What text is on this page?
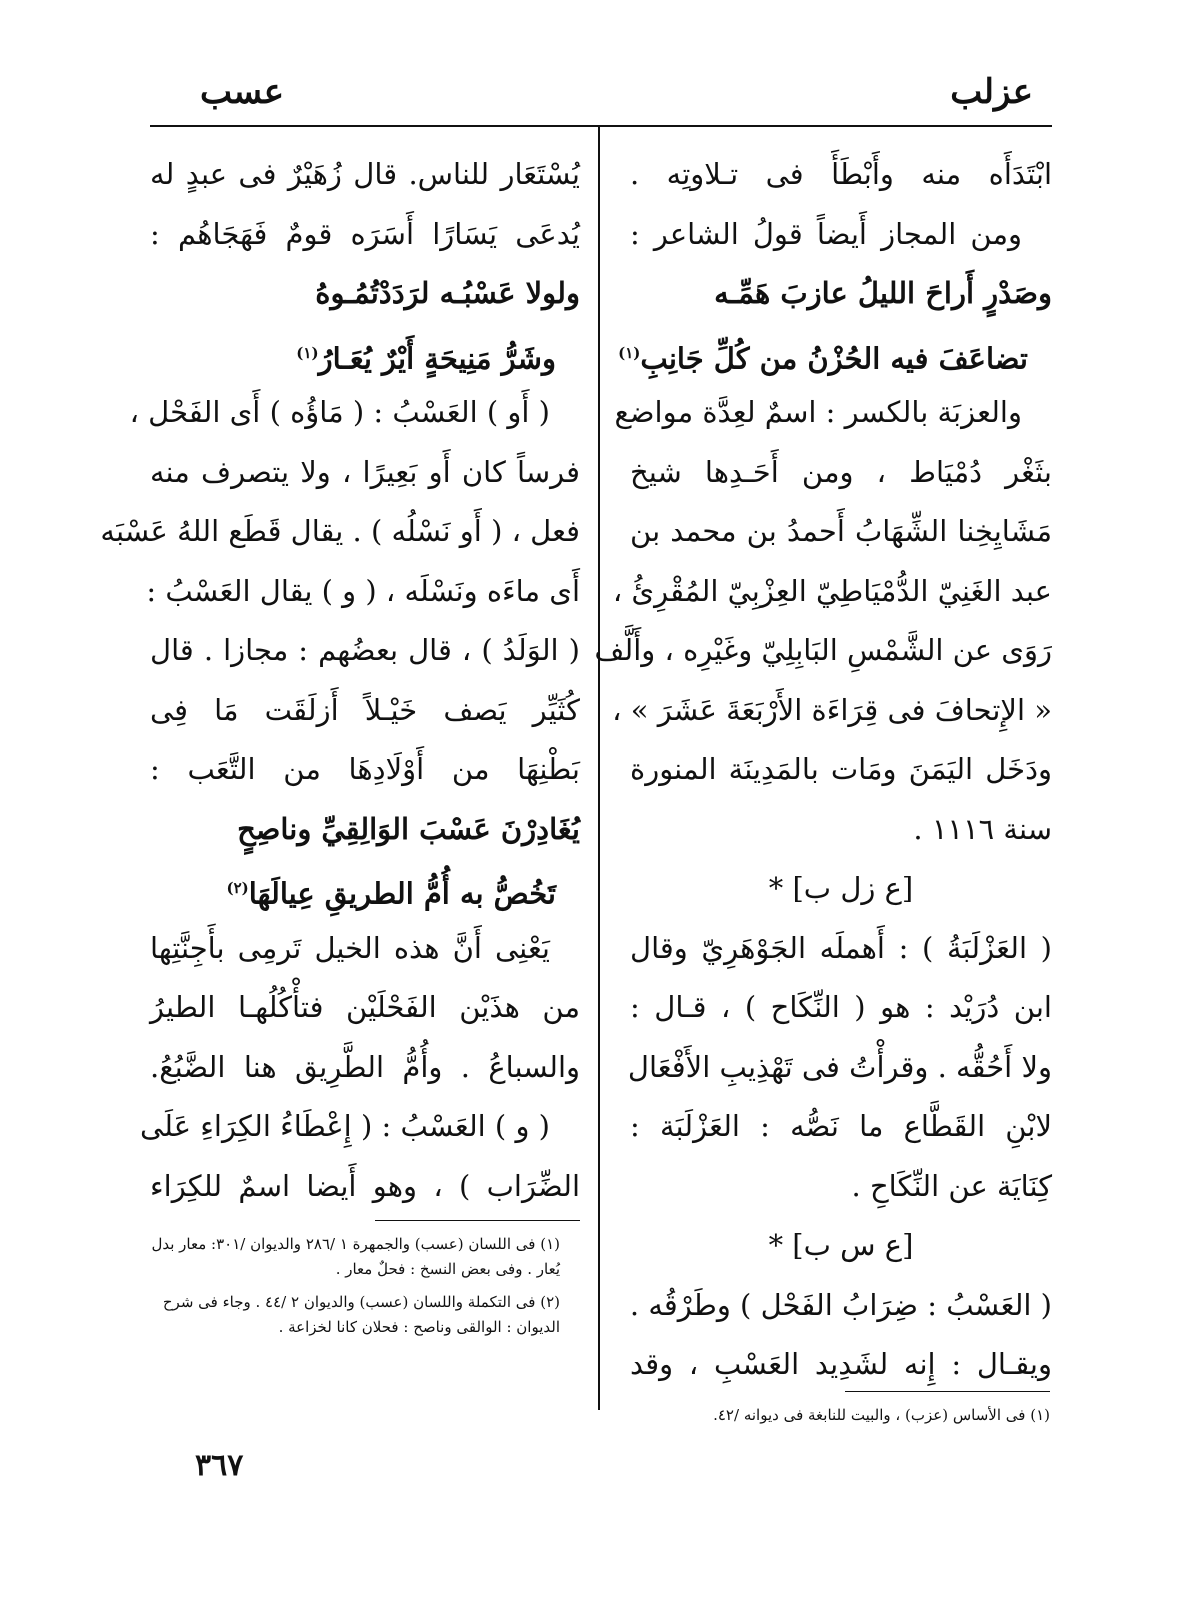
عزلب
عسب
ابْتَدَأَه منه وأَبْطَأَ فى تـلاوتِه .
ومن المجاز أَيضاً قولُ الشاعر :
وصَدْرٍ أَراحَ الليلُ عازبَ هَمِّـه
تضاعَفَ فيه الحُزْنُ من كُلِّ جَانِبِ$^{(١)}$
والعزبَة بالكسر : اسمٌ لعِدَّة مواضع
بثَغْر دُمْيَاط ، ومن أَحَـدِها شيخ
مَشَايِخِنا الشِّهَابُ أَحمدُ بن محمد بن
عبد الغَنِيّ الدُّمْيَاطِيّ العِزْبِيّ المُقْرِئُ ،
رَوَى عن الشَّمْسِ البَابِلِيّ وغَيْرِه ، وأَلَّف
« الإِتحافَ فى قِرَاءَة الأَرْبَعَةَ عَشَرَ » ،
ودَخَل اليَمَنَ ومَات بالمَدِينَة المنورة
سنة ١١١٦ .
[ع زل ب] *
( العَزْلَبَةُ ) : أَهملَه الجَوْهَرِيّ وقال
ابن دُرَيْد : هو ( النِّكَاح ) ، قـال :
ولا أَحُقُّه . وقرأْتُ فى تَهْذِيبِ الأَفْعَال
لابْنِ القَطَّاع ما نَصُّه : العَزْلَبَة :
كِنَايَة عن النِّكَاحِ .
[ع س ب] *
( العَسْبُ : ضِرَابُ الفَحْل ) وطَرْقُه .
ويقـال : إِنه لشَدِيد العَسْبِ ، وقد
يُسْتَعَار للناس. قال زُهَيْرٌ فى عبدٍ له
يُدعَى يَسَارًا أَسَرَه قومٌ فَهَجَاهُم :
ولولا عَسْبُـه لرَدَدْتُمُـوهُ
وشَرُّ مَنِيحَةٍ أَيْرٌ يُعَـارُ$^{(١)}$
( أَو ) العَسْبُ : ( مَاؤُه ) أَى الفَحْل ،
فرساً كان أَو بَعِيرًا ، ولا يتصرف منه
فعل ، ( أَو نَسْلُه ) . يقال قَطَع اللهُ عَسْبَه
أَى ماءَه ونَسْلَه ، ( و ) يقال العَسْبُ :
( الوَلَدُ ) ، قال بعضُهم : مجازا . قال
كُثَيِّر يَصف خَيْـلاً أَزلَقَت مَا فِى
بَطْنِهَا من أَوْلَادِهَا من التَّعَب :
يُغَادِرْنَ عَسْبَ الوَالِقِيِّ وناصِحٍ
تَخُصُّ به أُمُّ الطريقِ عِيالَهَا$^{(٢)}$
يَعْنِى أَنَّ هذه الخيل تَرمِى بأَجِنَّتِها
من هذَيْن الفَحْلَيْن فتأْكُلُهـا الطيرُ
والسباعُ . وأُمُّ الطَّرِيق هنا الضَّبُعُ.
( و ) العَسْبُ : ( إِعْطَاءُ الكِرَاءِ عَلَى
الضِّرَاب ) ، وهو أَيضا اسمٌ للكِرَاء
(١) فى اللسان (عسب) والجمهرة ١ /٢٨٦ والديوان /٣٠١: معار بدل يُعار . وفى بعض النسخ : فحلٌ معار .
(٢) فى التكملة واللسان (عسب) والديوان ٢ /٤٤ . وجاء فى شرح الديوان : الوالقى وناصح : فحلان كانا لخزاعة .
(١) فى الأساس (عزب) ، والبيت للنابغة فى ديوانه /٤٢.
٣٦٧
